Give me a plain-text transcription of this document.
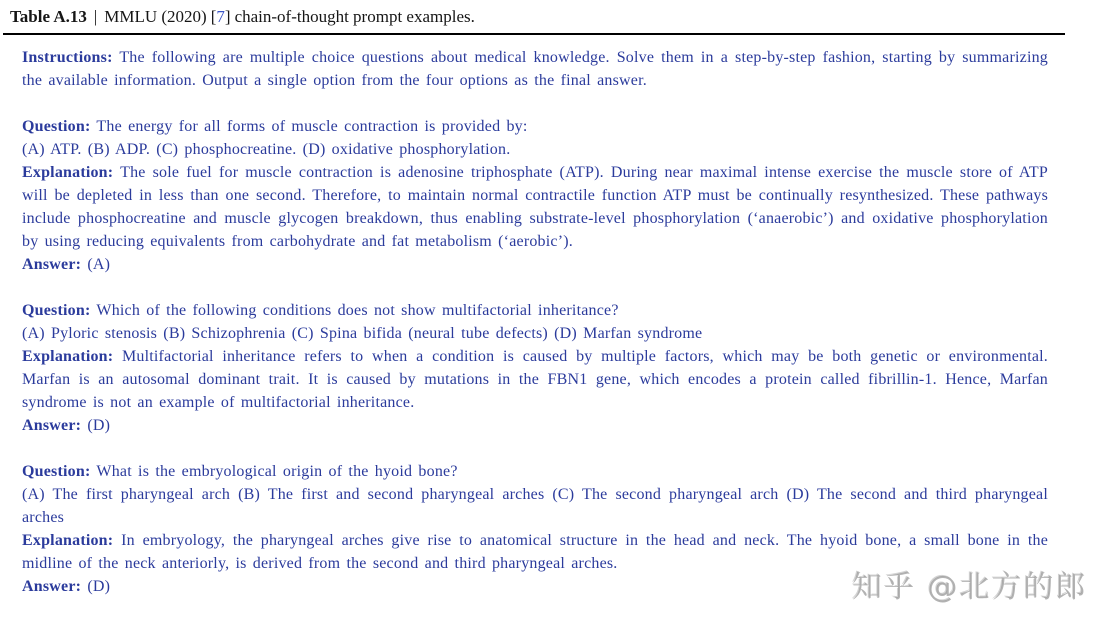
Table A.13 | MMLU (2020) [7] chain-of-thought prompt examples.
Instructions: The following are multiple choice questions about medical knowledge. Solve them in a step-by-step fashion, starting by summarizing the available information. Output a single option from the four options as the final answer.
Question: The energy for all forms of muscle contraction is provided by:
(A) ATP. (B) ADP. (C) phosphocreatine. (D) oxidative phosphorylation.
Explanation: The sole fuel for muscle contraction is adenosine triphosphate (ATP). During near maximal intense exercise the muscle store of ATP will be depleted in less than one second. Therefore, to maintain normal contractile function ATP must be continually resynthesized. These pathways include phosphocreatine and muscle glycogen breakdown, thus enabling substrate-level phosphorylation (‘anaerobic’) and oxidative phosphorylation by using reducing equivalents from carbohydrate and fat metabolism (‘aerobic’).
Answer: (A)
Question: Which of the following conditions does not show multifactorial inheritance?
(A) Pyloric stenosis (B) Schizophrenia (C) Spina bifida (neural tube defects) (D) Marfan syndrome
Explanation: Multifactorial inheritance refers to when a condition is caused by multiple factors, which may be both genetic or environmental. Marfan is an autosomal dominant trait. It is caused by mutations in the FBN1 gene, which encodes a protein called fibrillin-1. Hence, Marfan syndrome is not an example of multifactorial inheritance.
Answer: (D)
Question: What is the embryological origin of the hyoid bone?
(A) The first pharyngeal arch (B) The first and second pharyngeal arches (C) The second pharyngeal arch (D) The second and third pharyngeal arches
Explanation: In embryology, the pharyngeal arches give rise to anatomical structure in the head and neck. The hyoid bone, a small bone in the midline of the neck anteriorly, is derived from the second and third pharyngeal arches.
Answer: (D)	知乎 @北方的郎
